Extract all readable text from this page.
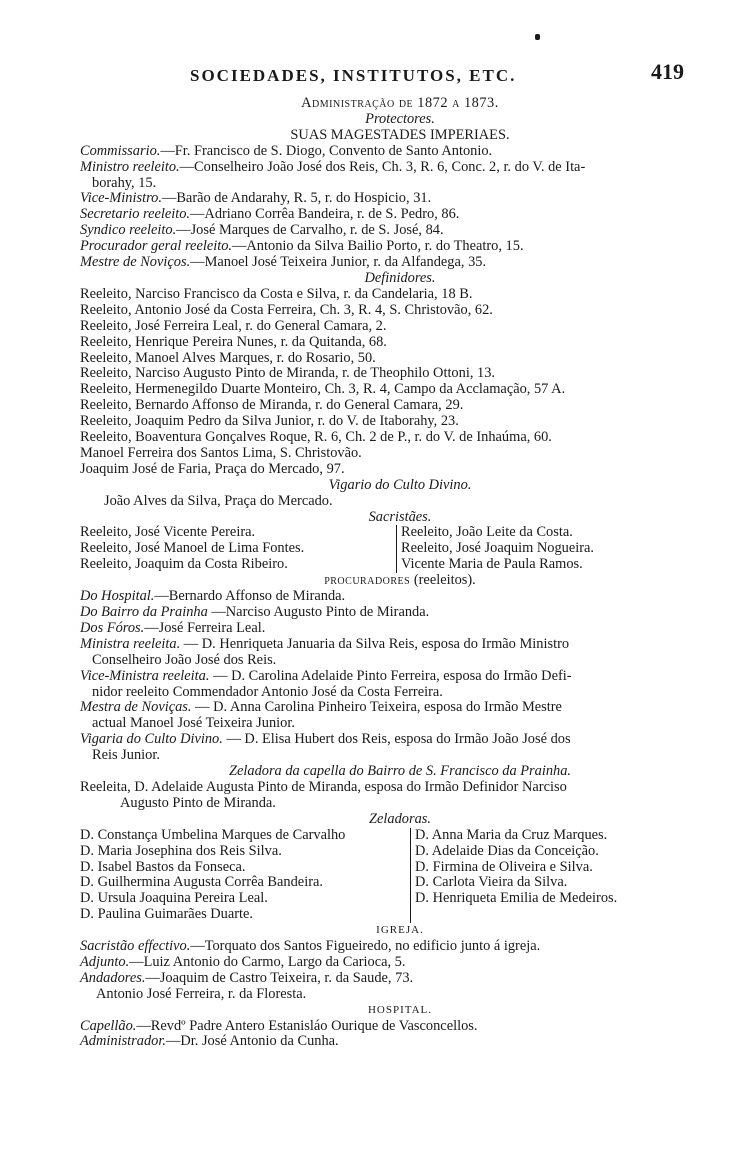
SOCIEDADES, INSTITUTOS, ETC.	419
Administração de 1872 a 1873.
Protectores.
SUAS MAGESTADES IMPERIAES.
Commissario.—Fr. Francisco de S. Diogo, Convento de Santo Antonio.
Ministro reeleito.—Conselheiro João José dos Reis, Ch. 3, R. 6, Conc. 2, r. do V. de Ita-
borahy, 15.
Vice-Ministro.—Barão de Andarahy, R. 5, r. do Hospicio, 31.
Secretario reeleito.—Adriano Corrêa Bandeira, r. de S. Pedro, 86.
Syndico reeleito.—José Marques de Carvalho, r. de S. José, 84.
Procurador geral reeleito.—Antonio da Silva Bailio Porto, r. do Theatro, 15.
Mestre de Noviços.—Manoel José Teixeira Junior, r. da Alfandega, 35.
Definidores.
Reeleito, Narciso Francisco da Costa e Silva, r. da Candelaria, 18 B.
Reeleito, Antonio José da Costa Ferreira, Ch. 3, R. 4, S. Christovão, 62.
Reeleito, José Ferreira Leal, r. do General Camara, 2.
Reeleito, Henrique Pereira Nunes, r. da Quitanda, 68.
Reeleito, Manoel Alves Marques, r. do Rosario, 50.
Reeleito, Narciso Augusto Pinto de Miranda, r. de Theophilo Ottoni, 13.
Reeleito, Hermenegildo Duarte Monteiro, Ch. 3, R. 4, Campo da Acclamação, 57 A.
Reeleito, Bernardo Affonso de Miranda, r. do General Camara, 29.
Reeleito, Joaquim Pedro da Silva Junior, r. do V. de Itaborahy, 23.
Reeleito, Boaventura Gonçalves Roque, R. 6, Ch. 2 de P., r. do V. de Inhaúma, 60.
Manoel Ferreira dos Santos Lima, S. Christovão.
Joaquim José de Faria, Praça do Mercado, 97.
Vigario do Culto Divino.
João Alves da Silva, Praça do Mercado.
Sacristães.
Reeleito, José Vicente Pereira.
Reeleito, José Manoel de Lima Fontes.
Reeleito, Joaquim da Costa Ribeiro.
Reeleito, João Leite da Costa.
Reeleito, José Joaquim Nogueira.
Vicente Maria de Paula Ramos.
procuradores (reeleitos).
Do Hospital.—Bernardo Affonso de Miranda.
Do Bairro da Prainha —Narciso Augusto Pinto de Miranda.
Dos Fóros.—José Ferreira Leal.
Ministra reeleita. — D. Henriqueta Januaria da Silva Reis, esposa do Irmão Ministro
Conselheiro João José dos Reis.
Vice-Ministra reeleita. — D. Carolina Adelaide Pinto Ferreira, esposa do Irmão Defi-
nidor reeleito Commendador Antonio José da Costa Ferreira.
Mestra de Noviças. — D. Anna Carolina Pinheiro Teixeira, esposa do Irmão Mestre
actual Manoel José Teixeira Junior.
Vigaria do Culto Divino. — D. Elisa Hubert dos Reis, esposa do Irmão João José dos
Reis Junior.
Zeladora da capella do Bairro de S. Francisco da Prainha.
Reeleita, D. Adelaide Augusta Pinto de Miranda, esposa do Irmão Definidor Narciso
Augusto Pinto de Miranda.
Zeladoras.
D. Constança Umbelina Marques de Carvalho
D. Maria Josephina dos Reis Silva.
D. Isabel Bastos da Fonseca.
D. Guilhermina Augusta Corrêa Bandeira.
D. Ursula Joaquina Pereira Leal.
D. Paulina Guimarães Duarte.
D. Anna Maria da Cruz Marques.
D. Adelaide Dias da Conceição.
D. Firmina de Oliveira e Silva.
D. Carlota Vieira da Silva.
D. Henriqueta Emilia de Medeiros.
IGREJA.
Sacristão effectivo.—Torquato dos Santos Figueiredo, no edificio junto á igreja.
Adjunto.—Luiz Antonio do Carmo, Largo da Carioca, 5.
Andadores.—Joaquim de Castro Teixeira, r. da Saude, 73.
Antonio José Ferreira, r. da Floresta.
HOSPITAL.
Capellão.—Revdº Padre Antero Estanisláo Ourique de Vasconcellos.
Administrador.—Dr. José Antonio da Cunha.
